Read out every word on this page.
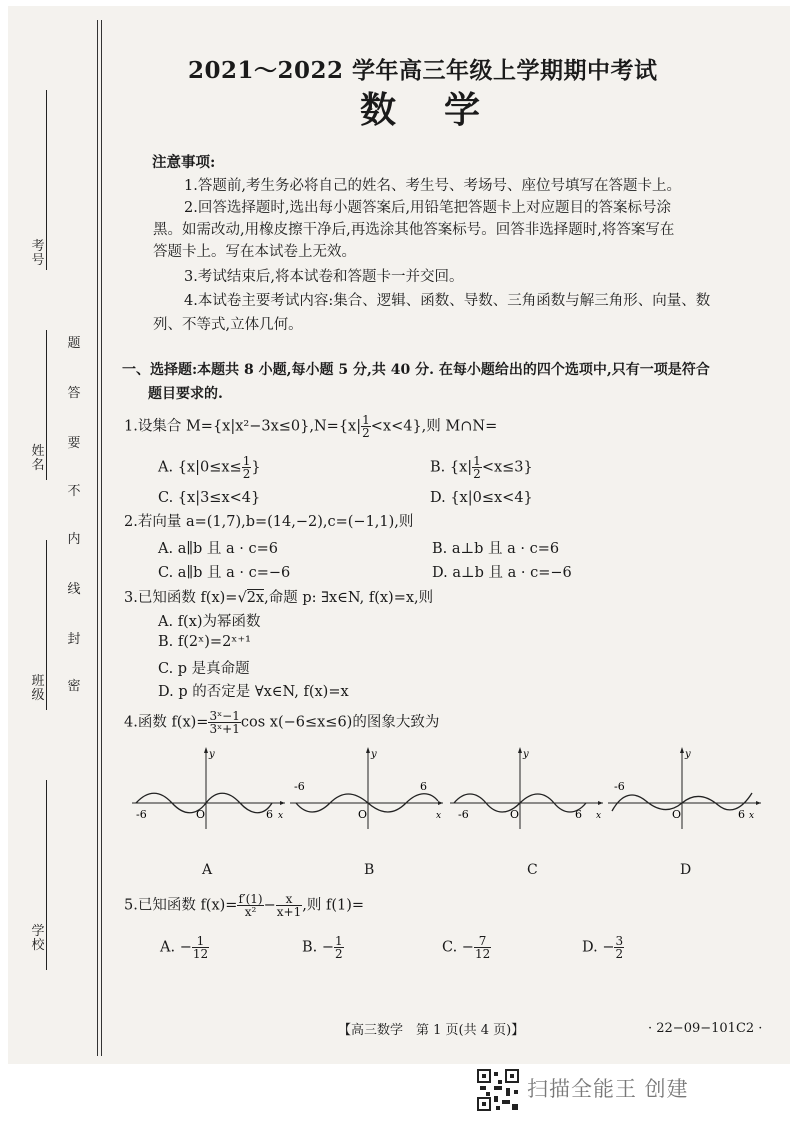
考号
姓名
班级
学校
题
答
要
不
内
线
封
密
2021～2022 学年高三年级上学期期中考试
数学
注意事项:
1.答题前,考生务必将自己的姓名、考生号、考场号、座位号填写在答题卡上。
2.回答选择题时,选出每小题答案后,用铅笔把答题卡上对应题目的答案标号涂
黑。如需改动,用橡皮擦干净后,再选涂其他答案标号。回答非选择题时,将答案写在
答题卡上。写在本试卷上无效。
3.考试结束后,将本试卷和答题卡一并交回。
4.本试卷主要考试内容:集合、逻辑、函数、导数、三角函数与解三角形、向量、数
列、不等式,立体几何。
一、选择题:本题共 8 小题,每小题 5 分,共 40 分. 在每小题给出的四个选项中,只有一项是符合
题目要求的.
1.设集合 $M=\{x|x^2-3x\le 0\},N=\{x| \frac{1}{2} <x<4\}$,则 M∩N=
A. {$x|0\le x\le \frac{1}{2}$ }	B. $\{x| \frac{1}{2} <x\le 3\}$
C. {x|3≤x<4}	D. {x|0≤x<4}
2.若向量 a=(1,7),b=(14,−2),c=(−1,1),则
A. a∥b 且 a · c=6	B. a⊥b 且 a · c=6
C. a∥b 且 a · c=−6	D. a⊥b 且 a · c=−6
3.已知函数 f(x)=√2x,命题 p: ∃x∈N, f(x)=x,则
A. f(x)为幂函数
B. f(2ˣ)=2ˣ⁺¹
C. p 是真命题
D. p 的否定是 ∀x∈N, f(x)=x
4.函数 $f(x)= \frac{\text{3ˣ−1}}{\text{3ˣ+1}}$ cos x(−6≤x≤6)的图象大致为
y
O
-6	6 x
A
y
O
-6	6
x
B
y
O
-6	6 x
C
y
O
-6
6 x
D
5.已知函数 $f(x)= \frac{f'(1)}{\text{x²}} - \frac{x}{x+1}$ ,则 f(1)=
A. − $\frac{1}{12}$	B. − $\frac{1}{2}$	C. − $\frac{7}{12}$	D. − $\frac{3}{2}$
【高三数学　第 1 页(共 4 页)】	· 22−09−101C2 ·
扫描全能王 创建
